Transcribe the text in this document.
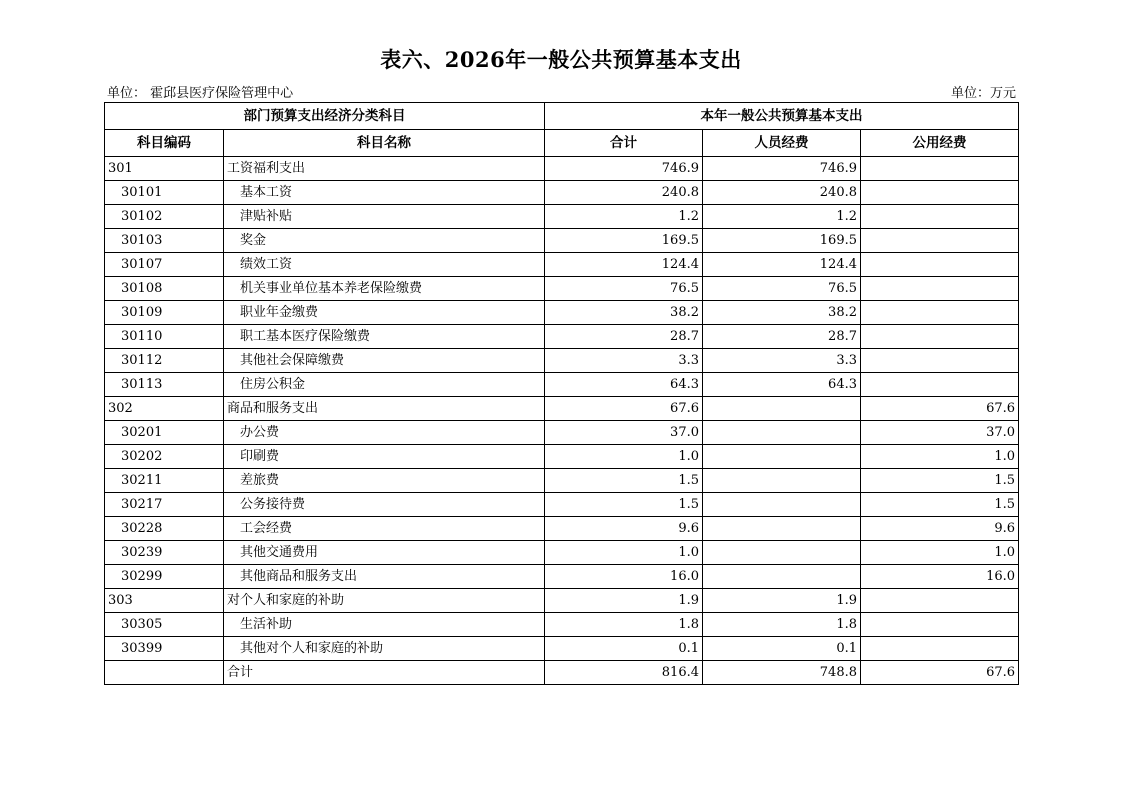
表六、2026年一般公共预算基本支出
单位： 霍邱县医疗保险管理中心	单位：万元
部门预算支出经济分类科目		本年一般公共预算基本支出		
科目编码	科目名称	合计	人员经费	公用经费
301	工资福利支出	746.9	746.9	
30101	基本工资	240.8	240.8	
30102	津贴补贴	1.2	1.2	
30103	奖金	169.5	169.5	
30107	绩效工资	124.4	124.4	
30108	机关事业单位基本养老保险缴费	76.5	76.5	
30109	职业年金缴费	38.2	38.2	
30110	职工基本医疗保险缴费	28.7	28.7	
30112	其他社会保障缴费	3.3	3.3	
30113	住房公积金	64.3	64.3	
302	商品和服务支出	67.6		67.6
30201	办公费	37.0		37.0
30202	印刷费	1.0		1.0
30211	差旅费	1.5		1.5
30217	公务接待费	1.5		1.5
30228	工会经费	9.6		9.6
30239	其他交通费用	1.0		1.0
30299	其他商品和服务支出	16.0		16.0
303	对个人和家庭的补助	1.9	1.9	
30305	生活补助	1.8	1.8	
30399	其他对个人和家庭的补助	0.1	0.1	
	合计	816.4	748.8	67.6
